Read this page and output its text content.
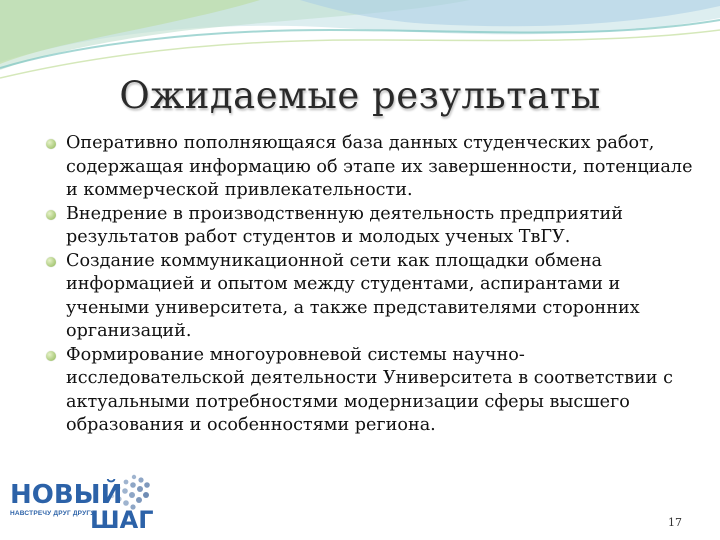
Ожидаемые результаты
Оперативно пополняющаяся база данных студенческих работ, содержащая информацию об этапе их завершенности, потенциале и коммерческой привлекательности.
Внедрение в производственную деятельность предприятий результатов работ студентов и молодых ученых ТвГУ.
Создание коммуникационной сети как площадки обмена информацией и опытом между студентами, аспирантами и учеными университета, а также представителями сторонних организаций.
Формирование многоуровневой системы научно-исследовательской деятельности Университета в соответствии с актуальными потребностями модернизации сферы высшего образования и особенностями региона.
НОВЫЙ
НАВСТРЕЧУ ДРУГ ДРУГУ
ШАГ	17
